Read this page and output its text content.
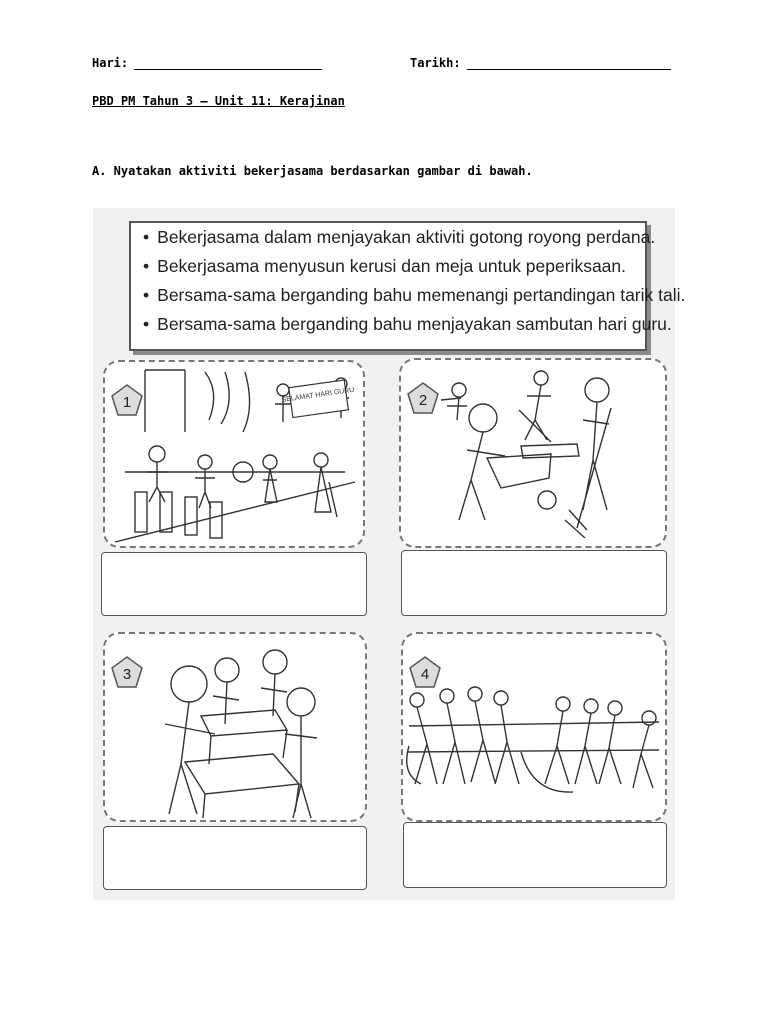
Hari:	Tarikh:
PBD PM Tahun 3 – Unit 11: Kerajinan
A. Nyatakan aktiviti bekerjasama berdasarkan gambar di bawah.
• Bekerjasama dalam menjayakan aktiviti gotong royong perdana.
• Bekerjasama menyusun kerusi dan meja untuk peperiksaan.
• Bersama-sama berganding bahu memenangi pertandingan tarik tali.
• Bersama-sama berganding bahu menjayakan sambutan hari guru.
SELAMAT HARI GURU
1	2
3	4
